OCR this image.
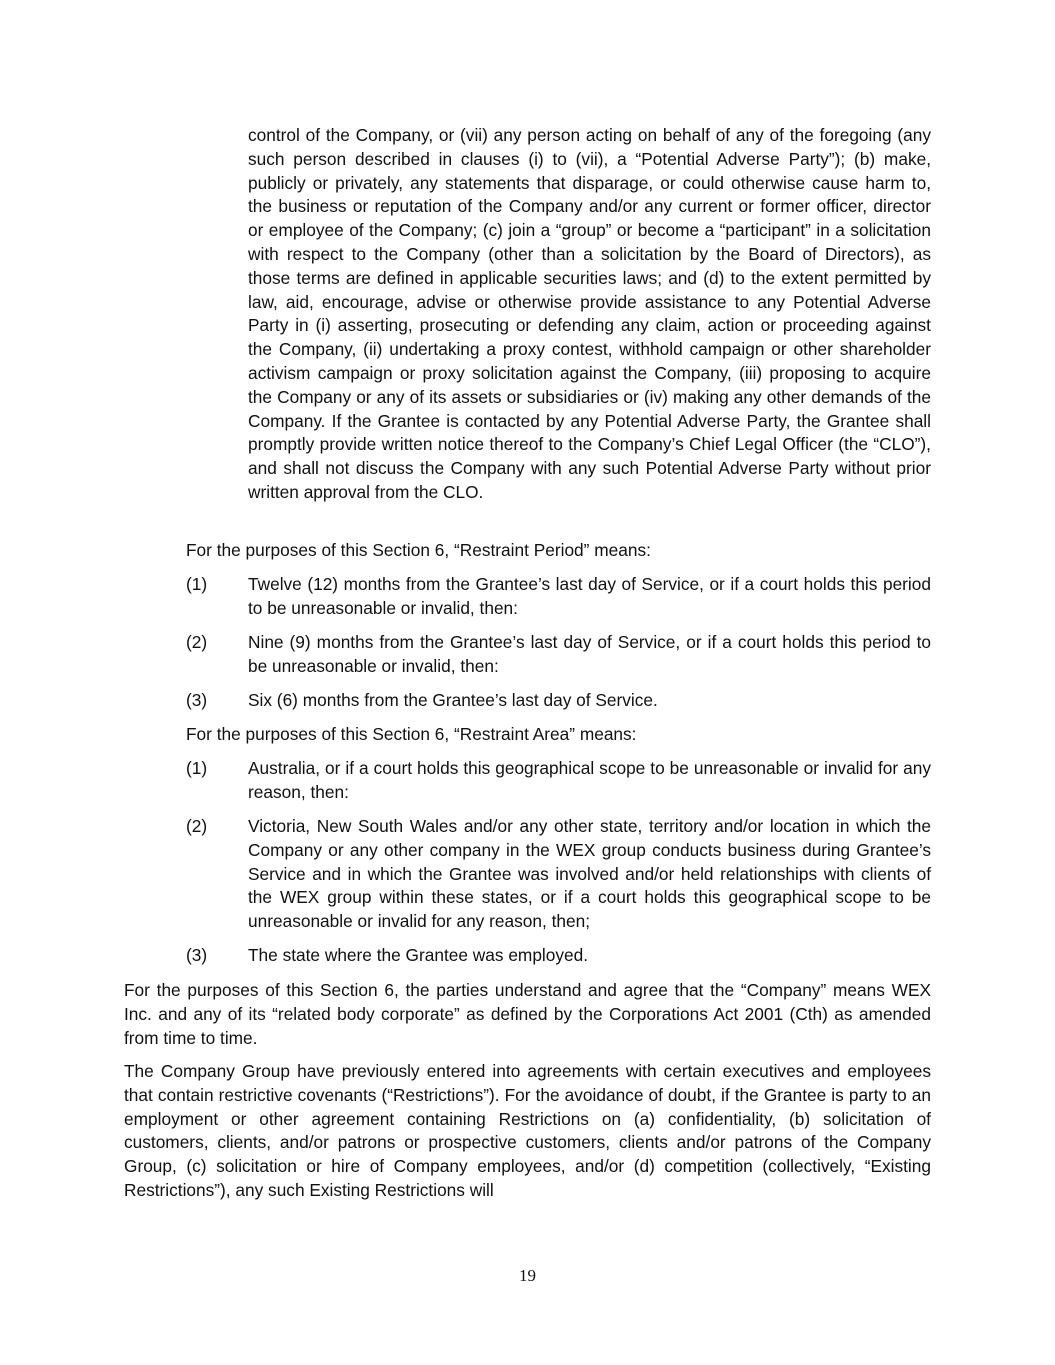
control of the Company, or (vii) any person acting on behalf of any of the foregoing (any such person described in clauses (i) to (vii), a “Potential Adverse Party”); (b) make, publicly or privately, any statements that disparage, or could otherwise cause harm to, the business or reputation of the Company and/or any current or former officer, director or employee of the Company; (c) join a “group” or become a “participant” in a solicitation with respect to the Company (other than a solicitation by the Board of Directors), as those terms are defined in applicable securities laws; and (d) to the extent permitted by law, aid, encourage, advise or otherwise provide assistance to any Potential Adverse Party in (i) asserting, prosecuting or defending any claim, action or proceeding against the Company, (ii) undertaking a proxy contest, withhold campaign or other shareholder activism campaign or proxy solicitation against the Company, (iii) proposing to acquire the Company or any of its assets or subsidiaries or (iv) making any other demands of the Company. If the Grantee is contacted by any Potential Adverse Party, the Grantee shall promptly provide written notice thereof to the Company’s Chief Legal Officer (the “CLO”), and shall not discuss the Company with any such Potential Adverse Party without prior written approval from the CLO.

For the purposes of this Section 6, “Restraint Period” means:

(1) Twelve (12) months from the Grantee’s last day of Service, or if a court holds this period to be unreasonable or invalid, then:
(2) Nine (9) months from the Grantee’s last day of Service, or if a court holds this period to be unreasonable or invalid, then:
(3) Six (6) months from the Grantee’s last day of Service.

For the purposes of this Section 6, “Restraint Area” means:

(1) Australia, or if a court holds this geographical scope to be unreasonable or invalid for any reason, then:
(2) Victoria, New South Wales and/or any other state, territory and/or location in which the Company or any other company in the WEX group conducts business during Grantee’s Service and in which the Grantee was involved and/or held relationships with clients of the WEX group within these states, or if a court holds this geographical scope to be unreasonable or invalid for any reason, then;
(3) The state where the Grantee was employed.

For the purposes of this Section 6, the parties understand and agree that the “Company” means WEX Inc. and any of its “related body corporate” as defined by the Corporations Act 2001 (Cth) as amended from time to time.

The Company Group have previously entered into agreements with certain executives and employees that contain restrictive covenants (“Restrictions”). For the avoidance of doubt, if the Grantee is party to an employment or other agreement containing Restrictions on (a) confidentiality, (b) solicitation of customers, clients, and/or patrons or prospective customers, clients and/or patrons of the Company Group, (c) solicitation or hire of Company employees, and/or (d) competition (collectively, “Existing Restrictions”), any such Existing Restrictions will

19
